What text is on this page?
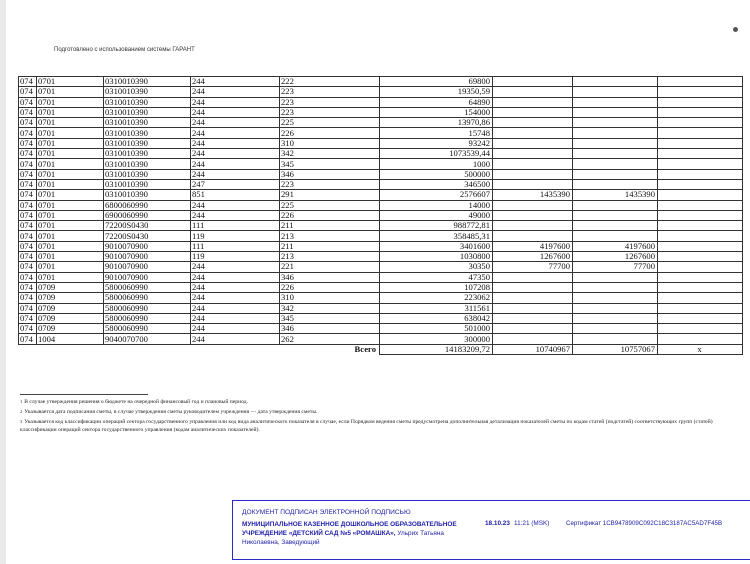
Подготовлено с использованием системы ГАРАНТ
074	0701	0310010390	244	222	69800			
074	0701	0310010390	244	223	19350,59			
074	0701	0310010390	244	223	64890			
074	0701	0310010390	244	223	154000			
074	0701	0310010390	244	225	13970,86			
074	0701	0310010390	244	226	15748			
074	0701	0310010390	244	310	93242			
074	0701	0310010390	244	342	1073539,44			
074	0701	0310010390	244	345	1000			
074	0701	0310010390	244	346	500000			
074	0701	0310010390	247	223	346500			
074	0701	0310010390	851	291	2576607	1435390	1435390	
074	0701	6800060990	244	225	14000			
074	0701	6900060990	244	226	49000			
074	0701	72200S0430	111	211	988772,81			
074	0701	72200S0430	119	213	358485,31			
074	0701	9010070900	111	211	3401600	4197600	4197600	
074	0701	9010070900	119	213	1030800	1267600	1267600	
074	0701	9010070900	244	221	30350	77700	77700	
074	0701	9010070900	244	346	47350			
074	0709	5800060990	244	226	107208			
074	0709	5800060990	244	310	223062			
074	0709	5800060990	244	342	311561			
074	0709	5800060990	244	345	638042			
074	0709	5800060990	244	346	501000			
074	1004	9040070700	244	262	300000			
Всего					14183209,72	10740967	10757067	x

$^1$ В случае утверждения решения о бюджете на очередной финансовый год и плановый период.

$^2$ Указывается дата подписания сметы, в случае утверждения сметы руководителем учреждения — дата утверждения сметы.

$^3$ Указывается код классификации операций сектора государственного управления или код вида аналитического показателя в случае, если Порядком ведения сметы предусмотрена дополнительная детализация показателей сметы по кодам статей (подстатей) соответствующих групп (статей) классификации операций сектора государственного управления (кодам аналитических показателей).

ДОКУМЕНТ ПОДПИСАН ЭЛЕКТРОННОЙ ПОДПИСЬЮ
МУНИЦИПАЛЬНОЕ КАЗЕННОЕ ДОШКОЛЬНОЕ ОБРАЗОВАТЕЛЬНОЕ УЧРЕЖДЕНИЕ «ДЕТСКИЙ САД №5 «РОМАШКА», Ульрих Татьяна Николаевна, Заведующий
18.10.23 11:21 (MSK)	Сертификат 1CB9478909C092C18C3187AC5AD7F45B
